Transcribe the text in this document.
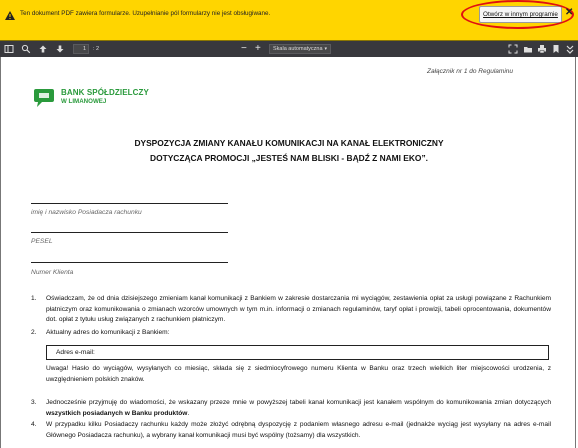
Ten dokument PDF zawiera formularze. Uzupełnianie pól formularzy nie jest obsługiwane.	Otwórz w innym programie ✕
1	: 2	− +	Skala automatyczna ▾
Załącznik nr 1 do Regulaminu
BANK SPÓŁDZIELCZY
W LIMANOWEJ
DYSPOZYCJA ZMIANY KANAŁU KOMUNIKACJI NA KANAŁ ELEKTRONICZNY
DOTYCZĄCA PROMOCJI „JESTEŚ NAM BLISKI - BĄDŹ Z NAMI EKO”.
imię i nazwisko Posiadacza rachunku
PESEL
Numer Klienta
1. Oświadczam, że od dnia dzisiejszego zmieniam kanał komunikacji z Bankiem w zakresie dostarczania mi wyciągów, zestawienia opłat za usługi powiązane z Rachunkiem płatniczym oraz komunikowania o zmianach wzorców umownych w tym m.in. informacji o zmianach regulaminów, taryf opłat i prowizji, tabeli oprocentowania, dokumentów dot. opłat z tytułu usług związanych z rachunkiem płatniczym.
2. Aktualny adres do komunikacji z Bankiem:
Adres e-mail:
Uwaga! Hasło do wyciągów, wysyłanych co miesiąc, składa się z siedmiocyfrowego numeru Klienta w Banku oraz trzech wielkich liter miejscowości urodzenia, z uwzględnieniem polskich znaków.
3. Jednocześnie przyjmuję do wiadomości, że wskazany przeze mnie w powyższej tabeli kanał komunikacji jest kanałem wspólnym do komunikowania zmian dotyczących wszystkich posiadanych w Banku produktów.
4. W przypadku kilku Posiadaczy rachunku każdy może złożyć odrębną dyspozycję z podaniem własnego adresu e-mail (jednakże wyciąg jest wysyłany na adres e-mail Głównego Posiadacza rachunku), a wybrany kanał komunikacji musi być wspólny (tożsamy) dla wszystkich.
